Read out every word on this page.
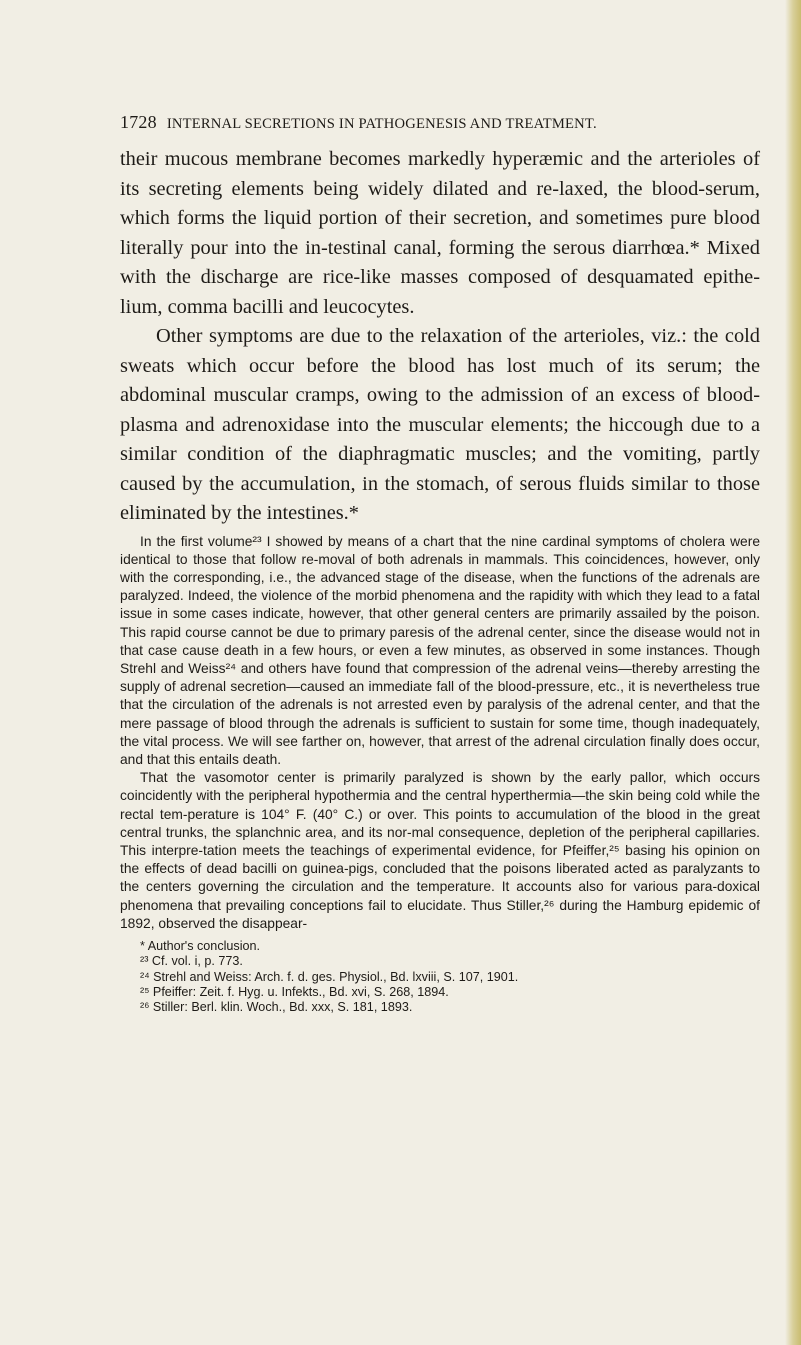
1728 INTERNAL SECRETIONS IN PATHOGENESIS AND TREATMENT.

their mucous membrane becomes markedly hyperæmic and the arterioles of its secreting elements being widely dilated and re-laxed, the blood-serum, which forms the liquid portion of their secretion, and sometimes pure blood literally pour into the in-testinal canal, forming the serous diarrhœa.* Mixed with the discharge are rice-like masses composed of desquamated epithe-lium, comma bacilli and leucocytes.

Other symptoms are due to the relaxation of the arterioles, viz.: the cold sweats which occur before the blood has lost much of its serum; the abdominal muscular cramps, owing to the admission of an excess of blood-plasma and adrenoxidase into the muscular elements; the hiccough due to a similar condition of the diaphragmatic muscles; and the vomiting, partly caused by the accumulation, in the stomach, of serous fluids similar to those eliminated by the intestines.*

In the first volume²³ I showed by means of a chart that the nine cardinal symptoms of cholera were identical to those that follow re-moval of both adrenals in mammals. This coincidences, however, only with the corresponding, i.e., the advanced stage of the disease, when the functions of the adrenals are paralyzed. Indeed, the violence of the morbid phenomena and the rapidity with which they lead to a fatal issue in some cases indicate, however, that other general centers are primarily assailed by the poison. This rapid course cannot be due to primary paresis of the adrenal center, since the disease would not in that case cause death in a few hours, or even a few minutes, as observed in some instances. Though Strehl and Weiss²⁴ and others have found that compression of the adrenal veins—thereby arresting the supply of adrenal secretion—caused an immediate fall of the blood-pressure, etc., it is nevertheless true that the circulation of the adrenals is not arrested even by paralysis of the adrenal center, and that the mere passage of blood through the adrenals is sufficient to sustain for some time, though inadequately, the vital process. We will see farther on, however, that arrest of the adrenal circulation finally does occur, and that this entails death.

That the vasomotor center is primarily paralyzed is shown by the early pallor, which occurs coincidently with the peripheral hypothermia and the central hyperthermia—the skin being cold while the rectal tem-perature is 104° F. (40° C.) or over. This points to accumulation of the blood in the great central trunks, the splanchnic area, and its nor-mal consequence, depletion of the peripheral capillaries. This interpre-tation meets the teachings of experimental evidence, for Pfeiffer,²⁵ basing his opinion on the effects of dead bacilli on guinea-pigs, concluded that the poisons liberated acted as paralyzants to the centers governing the circulation and the temperature. It accounts also for various para-doxical phenomena that prevailing conceptions fail to elucidate. Thus Stiller,²⁶ during the Hamburg epidemic of 1892, observed the disappear-

* Author's conclusion.

²³ Cf. vol. i, p. 773.

²⁴ Strehl and Weiss: Arch. f. d. ges. Physiol., Bd. lxviii, S. 107, 1901.

²⁵ Pfeiffer: Zeit. f. Hyg. u. Infekts., Bd. xvi, S. 268, 1894.

²⁶ Stiller: Berl. klin. Woch., Bd. xxx, S. 181, 1893.
